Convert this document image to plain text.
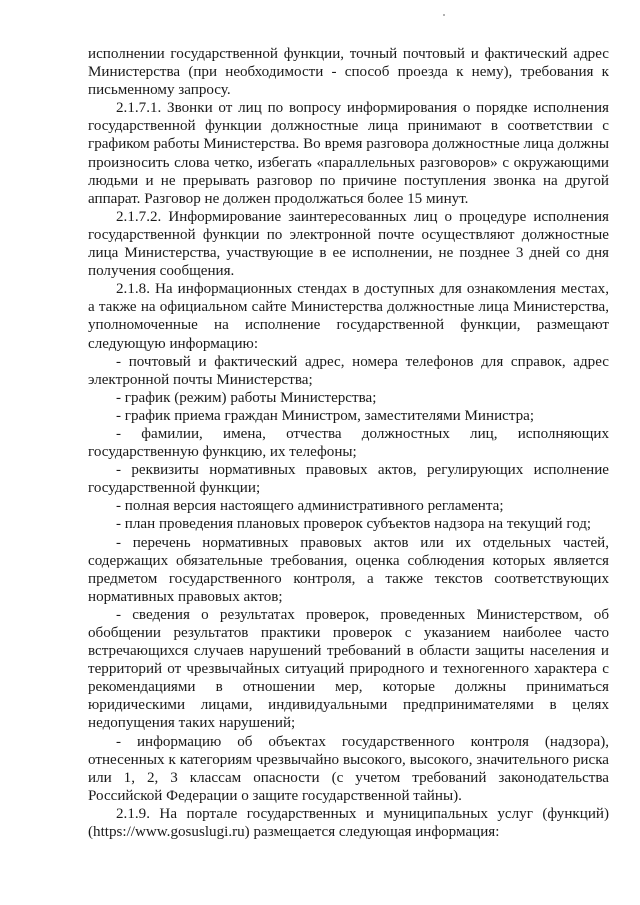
исполнении государственной функции, точный почтовый и фактический адрес Министерства (при необходимости - способ проезда к нему), требования к письменному запросу.

2.1.7.1. Звонки от лиц по вопросу информирования о порядке исполнения государственной функции должностные лица принимают в соответствии с графиком работы Министерства. Во время разговора должностные лица должны произносить слова четко, избегать «параллельных разговоров» с окружающими людьми и не прерывать разговор по причине поступления звонка на другой аппарат. Разговор не должен продолжаться более 15 минут.

2.1.7.2. Информирование заинтересованных лиц о процедуре исполнения государственной функции по электронной почте осуществляют должностные лица Министерства, участвующие в ее исполнении, не позднее 3 дней со дня получения сообщения.

2.1.8. На информационных стендах в доступных для ознакомления местах, а также на официальном сайте Министерства должностные лица Министерства, уполномоченные на исполнение государственной функции, размещают следующую информацию:

- почтовый и фактический адрес, номера телефонов для справок, адрес электронной почты Министерства;

- график (режим) работы Министерства;

- график приема граждан Министром, заместителями Министра;

- фамилии, имена, отчества должностных лиц, исполняющих государственную функцию, их телефоны;

- реквизиты нормативных правовых актов, регулирующих исполнение государственной функции;

- полная версия настоящего административного регламента;

- план проведения плановых проверок субъектов надзора на текущий год;

- перечень нормативных правовых актов или их отдельных частей, содержащих обязательные требования, оценка соблюдения которых является предметом государственного контроля, а также текстов соответствующих нормативных правовых актов;

- сведения о результатах проверок, проведенных Министерством, об обобщении результатов практики проверок с указанием наиболее часто встречающихся случаев нарушений требований в области защиты населения и территорий от чрезвычайных ситуаций природного и техногенного характера с рекомендациями в отношении мер, которые должны приниматься юридическими лицами, индивидуальными предпринимателями в целях недопущения таких нарушений;

- информацию об объектах государственного контроля (надзора), отнесенных к категориям чрезвычайно высокого, высокого, значительного риска или 1, 2, 3 классам опасности (с учетом требований законодательства Российской Федерации о защите государственной тайны).

2.1.9. На портале государственных и муниципальных услуг (функций) (https://www.gosuslugi.ru) размещается следующая информация:
